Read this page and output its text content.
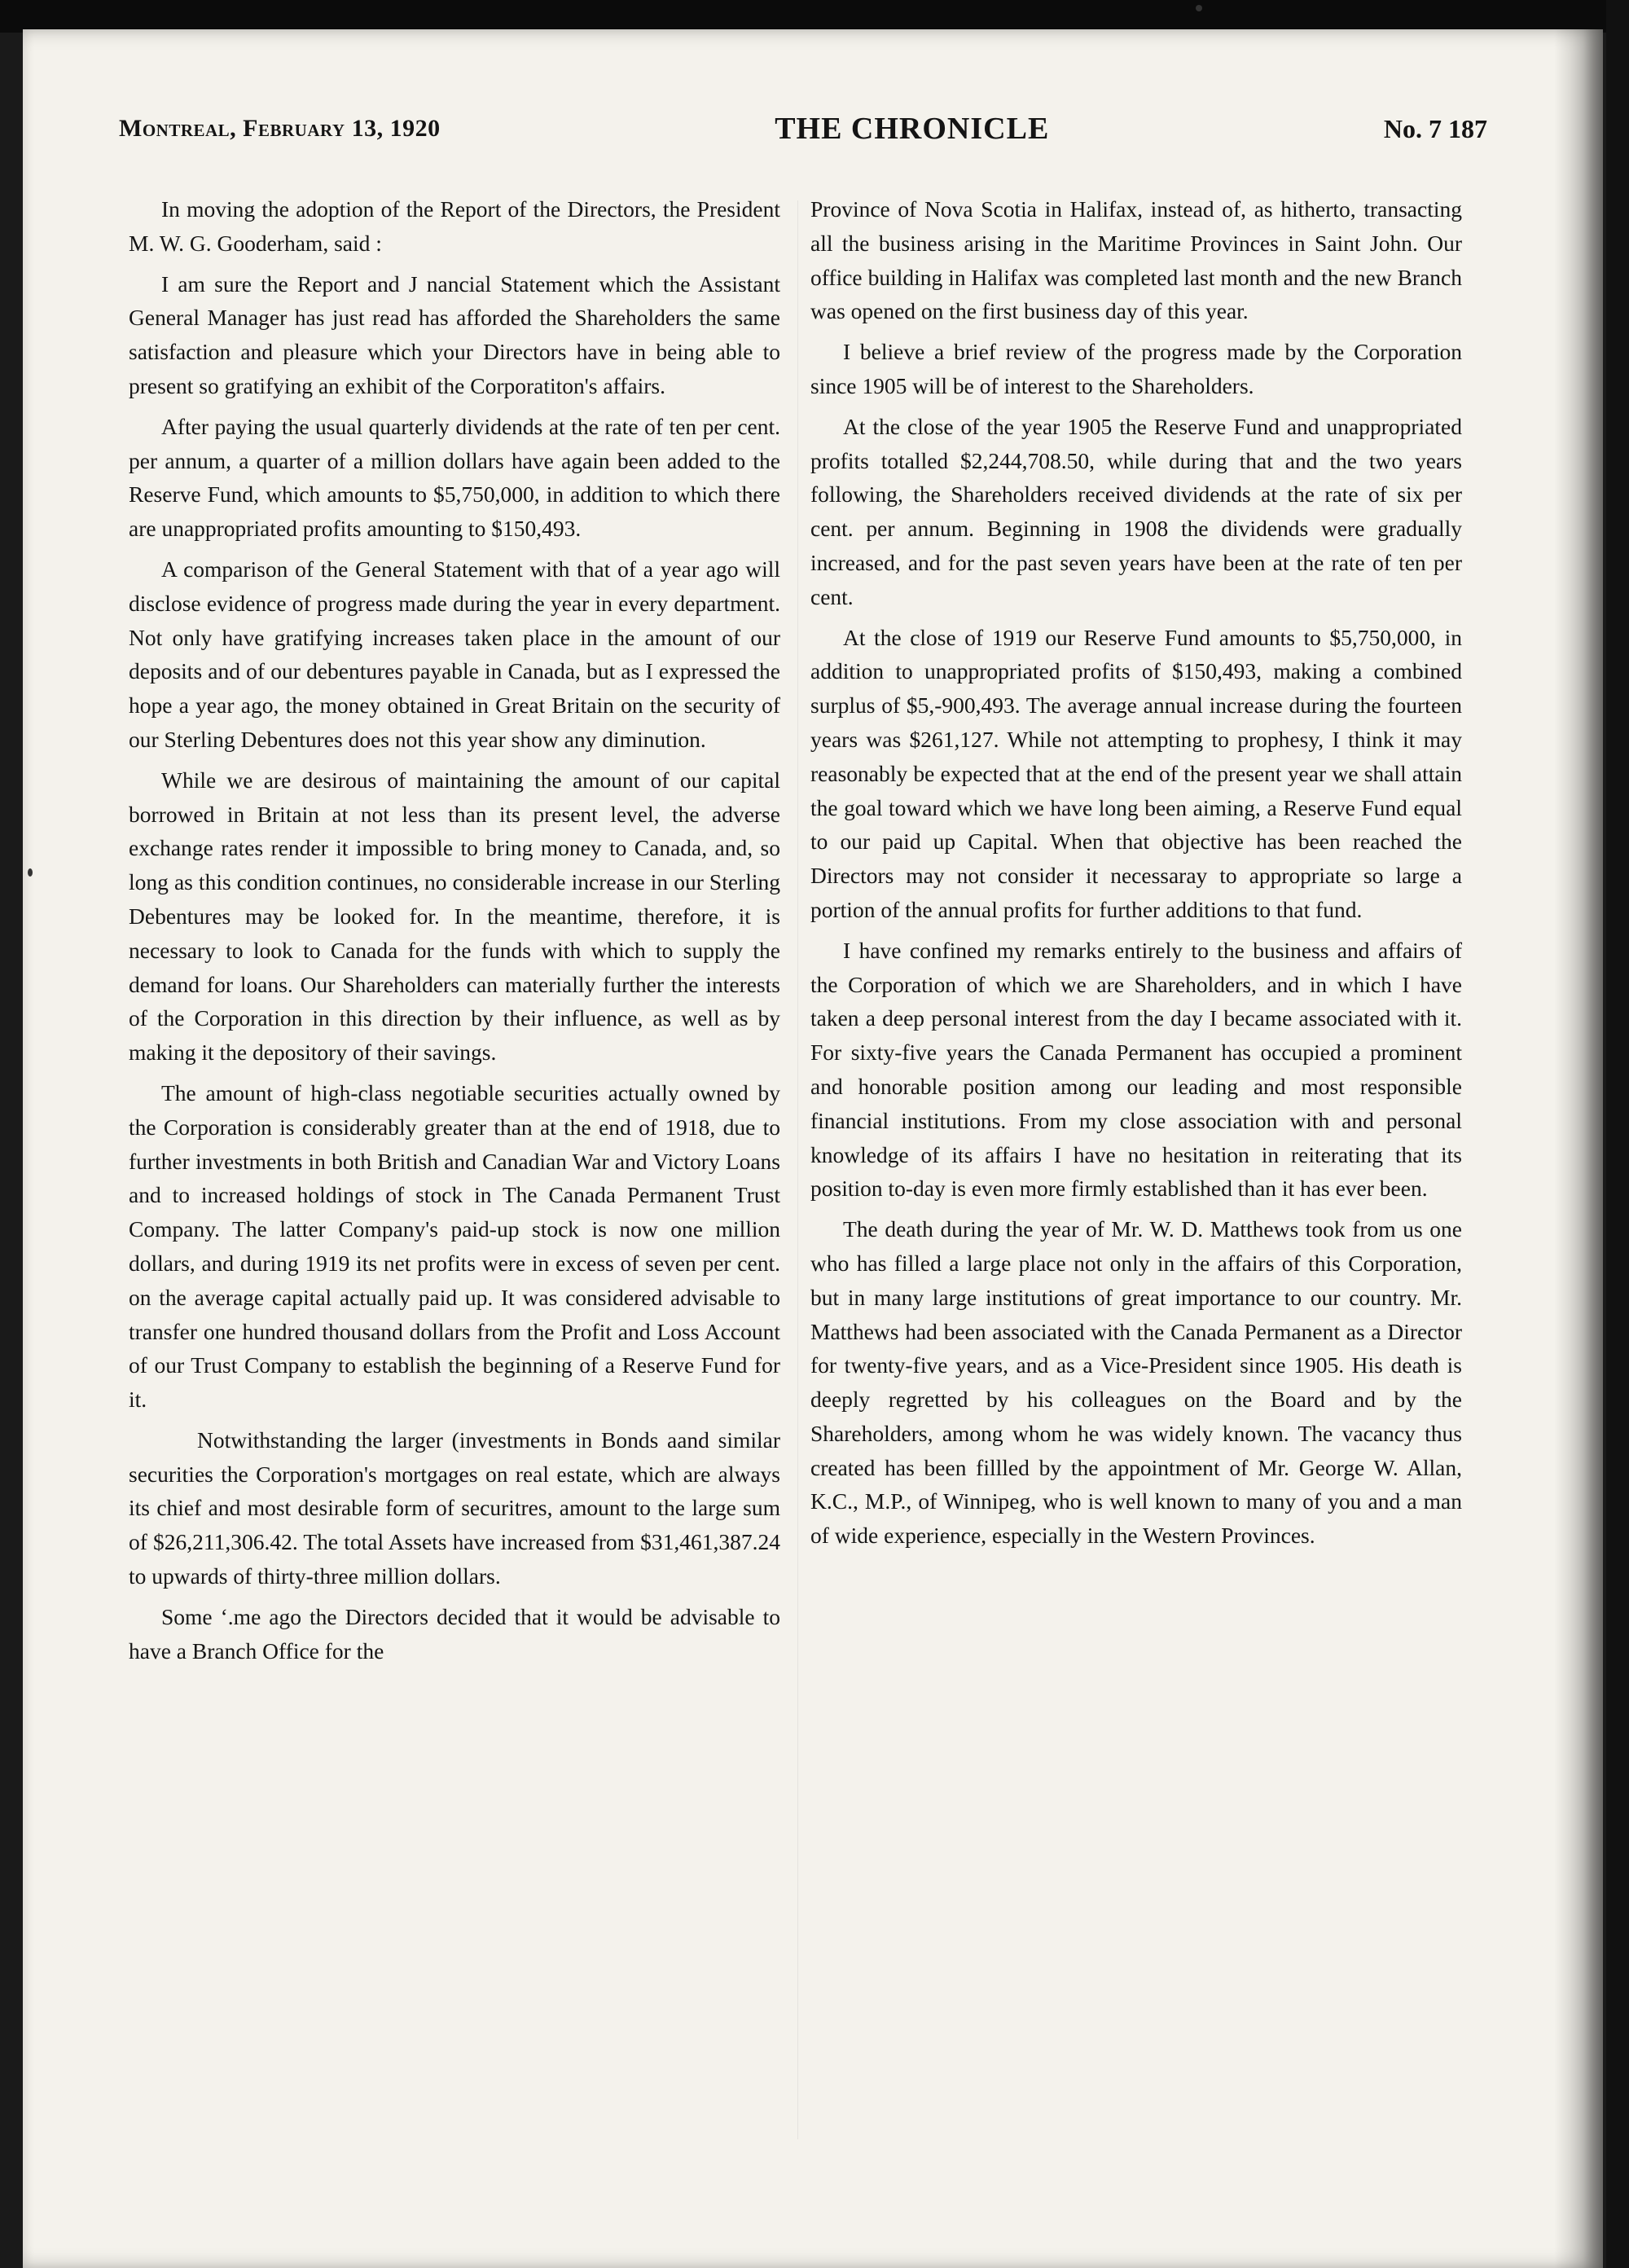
Montreal, February 13, 1920	THE CHRONICLE	No. 7 187

In moving the adoption of the Report of the Directors, the President M. W. G. Gooderham, said :

I am sure the Report and J nancial Statement which the Assistant General Manager has just read has afforded the Shareholders the same satisfaction and pleasure which your Directors have in being able to present so gratifying an exhibit of the Corporatiton's affairs.

After paying the usual quarterly dividends at the rate of ten per cent. per annum, a quarter of a million dollars have again been added to the Reserve Fund, which amounts to $5,750,000, in addition to which there are unappropriated profits amounting to $150,493.

A comparison of the General Statement with that of a year ago will disclose evidence of progress made during the year in every department. Not only have gratifying increases taken place in the amount of our deposits and of our debentures payable in Canada, but as I expressed the hope a year ago, the money obtained in Great Britain on the security of our Sterling Debentures does not this year show any diminution.

While we are desirous of maintaining the amount of our capital borrowed in Britain at not less than its present level, the adverse exchange rates render it impossible to bring money to Canada, and, so long as this condition continues, no considerable increase in our Sterling Debentures may be looked for. In the meantime, therefore, it is necessary to look to Canada for the funds with which to supply the demand for loans. Our Shareholders can materially further the interests of the Corporation in this direction by their influence, as well as by making it the depository of their savings.

The amount of high-class negotiable securities actually owned by the Corporation is considerably greater than at the end of 1918, due to further investments in both British and Canadian War and Victory Loans and to increased holdings of stock in The Canada Permanent Trust Company. The latter Company's paid-up stock is now one million dollars, and during 1919 its net profits were in excess of seven per cent. on the average capital actually paid up. It was considered advisable to transfer one hundred thousand dollars from the Profit and Loss Account of our Trust Company to establish the beginning of a Reserve Fund for it.

Notwithstanding the larger (investments in Bonds aand similar securities the Corporation's mortgages on real estate, which are always its chief and most desirable form of securitres, amount to the large sum of $26,211,306.42. The total Assets have increased from $31,461,387.24 to upwards of thirty-three million dollars.

Some ‘.me ago the Directors decided that it would be advisable to have a Branch Office for the

Province of Nova Scotia in Halifax, instead of, as hitherto, transacting all the business arising in the Maritime Provinces in Saint John. Our office building in Halifax was completed last month and the new Branch was opened on the first business day of this year.

I believe a brief review of the progress made by the Corporation since 1905 will be of interest to the Shareholders.

At the close of the year 1905 the Reserve Fund and unappropriated profits totalled $2,244,708.50, while during that and the two years following, the Shareholders received dividends at the rate of six per cent. per annum. Beginning in 1908 the dividends were gradually increased, and for the past seven years have been at the rate of ten per cent.

At the close of 1919 our Reserve Fund amounts to $5,750,000, in addition to unappropriated profits of $150,493, making a combined surplus of $5,-900,493. The average annual increase during the fourteen years was $261,127. While not attempting to prophesy, I think it may reasonably be expected that at the end of the present year we shall attain the goal toward which we have long been aiming, a Reserve Fund equal to our paid up Capital. When that objective has been reached the Directors may not consider it necessaray to appropriate so large a portion of the annual profits for further additions to that fund.

I have confined my remarks entirely to the business and affairs of the Corporation of which we are Shareholders, and in which I have taken a deep personal interest from the day I became associated with it. For sixty-five years the Canada Permanent has occupied a prominent and honorable position among our leading and most responsible financial institutions. From my close association with and personal knowledge of its affairs I have no hesitation in reiterating that its position to-day is even more firmly established than it has ever been.

The death during the year of Mr. W. D. Matthews took from us one who has filled a large place not only in the affairs of this Corporation, but in many large institutions of great importance to our country. Mr. Matthews had been associated with the Canada Permanent as a Director for twenty-five years, and as a Vice-President since 1905. His death is deeply regretted by his colleagues on the Board and by the Shareholders, among whom he was widely known. The vacancy thus created has been fillled by the appointment of Mr. George W. Allan, K.C., M.P., of Winnipeg, who is well known to many of you and a man of wide experience, especially in the Western Provinces.
